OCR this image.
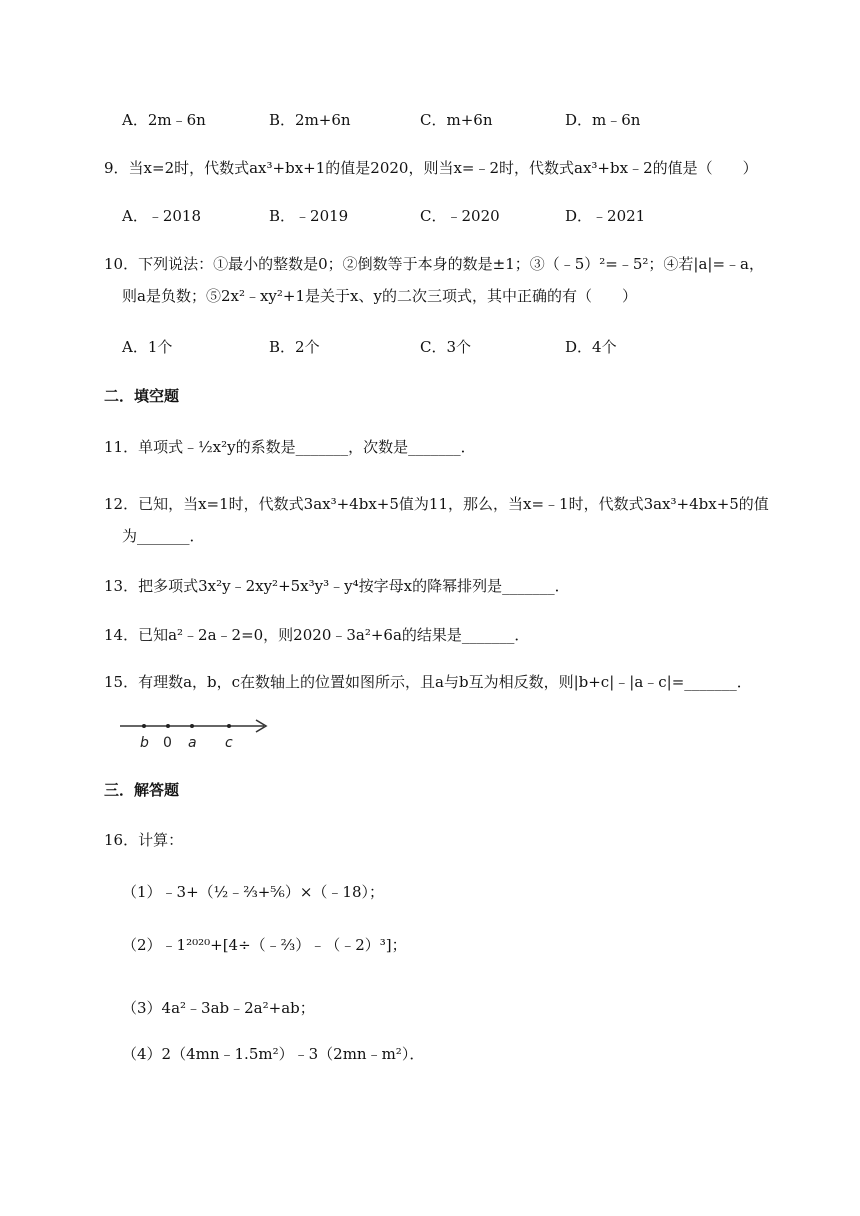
A．2m﹣6n	B．2m+6n	C．m+6n	D．m﹣6n
9．当x=2时，代数式ax³+bx+1的值是2020，则当x=﹣2时，代数式ax³+bx﹣2的值是（　　）
A．﹣2018	B．﹣2019	C．﹣2020	D．﹣2021
10．下列说法：①最小的整数是0；②倒数等于本身的数是±1；③（﹣5）²=﹣5²；④若|a|=﹣a，
则a是负数；⑤2x²﹣xy²+1是关于x、y的二次三项式，其中正确的有（　　）
A．1个	B．2个	C．3个	D．4个
二．填空题
11．单项式﹣½x²y的系数是_______，次数是_______．
12．已知，当x=1时，代数式3ax³+4bx+5值为11，那么，当x=﹣1时，代数式3ax³+4bx+5的值
为_______．
13．把多项式3x²y﹣2xy²+5x³y³﹣y⁴按字母x的降幂排列是_______．
14．已知a²﹣2a﹣2=0，则2020﹣3a²+6a的结果是_______．
15．有理数a，b，c在数轴上的位置如图所示，且a与b互为相反数，则|b+c|﹣|a﹣c|=_______．
b 0 a c
三．解答题
16．计算：
（1）﹣3+（½﹣⅔+⅚）×（﹣18）；
（2）﹣1²⁰²⁰+[4÷（﹣⅔）﹣（﹣2）³]；
（3）4a²﹣3ab﹣2a²+ab；
（4）2（4mn﹣1.5m²）﹣3（2mn﹣m²）．
